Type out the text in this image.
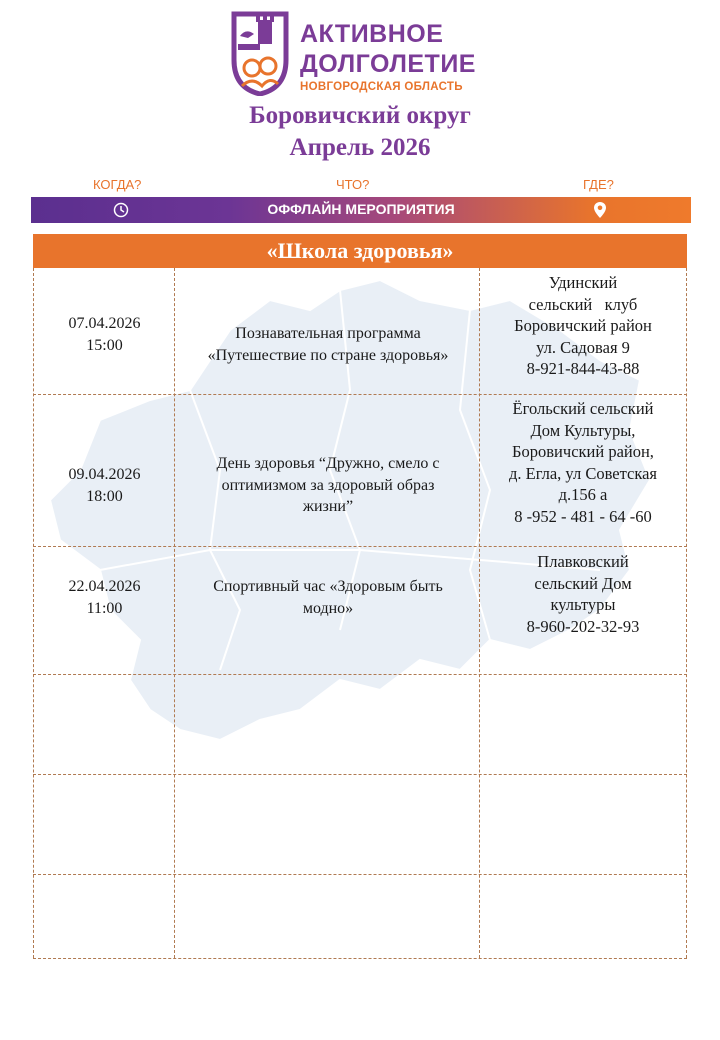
АКТИВНОЕ
ДОЛГОЛЕТИЕ
НОВГОРОДСКАЯ ОБЛАСТЬ
Боровичский округ
Апрель 2026
КОГДА?	ЧТО?	ГДЕ?
ОФФЛАЙН МЕРОПРИЯТИЯ
«Школа здоровья»
07.04.2026
15:00
Познавательная программа
«Путешествие по стране здоровья»
Удинский
сельский   клуб
Боровичский район
ул. Садовая 9
8-921-844-43-88
09.04.2026
18:00
День здоровья “Дружно, смело с
оптимизмом за здоровый образ
жизни”
Ёгольский сельский
Дом Культуры,
Боровичский район,
д. Егла, ул Советская
д.156 а
8 -952 - 481 - 64 -60
22.04.2026
11:00
Спортивный час «Здоровым быть
модно»
Плавковский
сельский Дом
культуры
8-960-202-32-93
